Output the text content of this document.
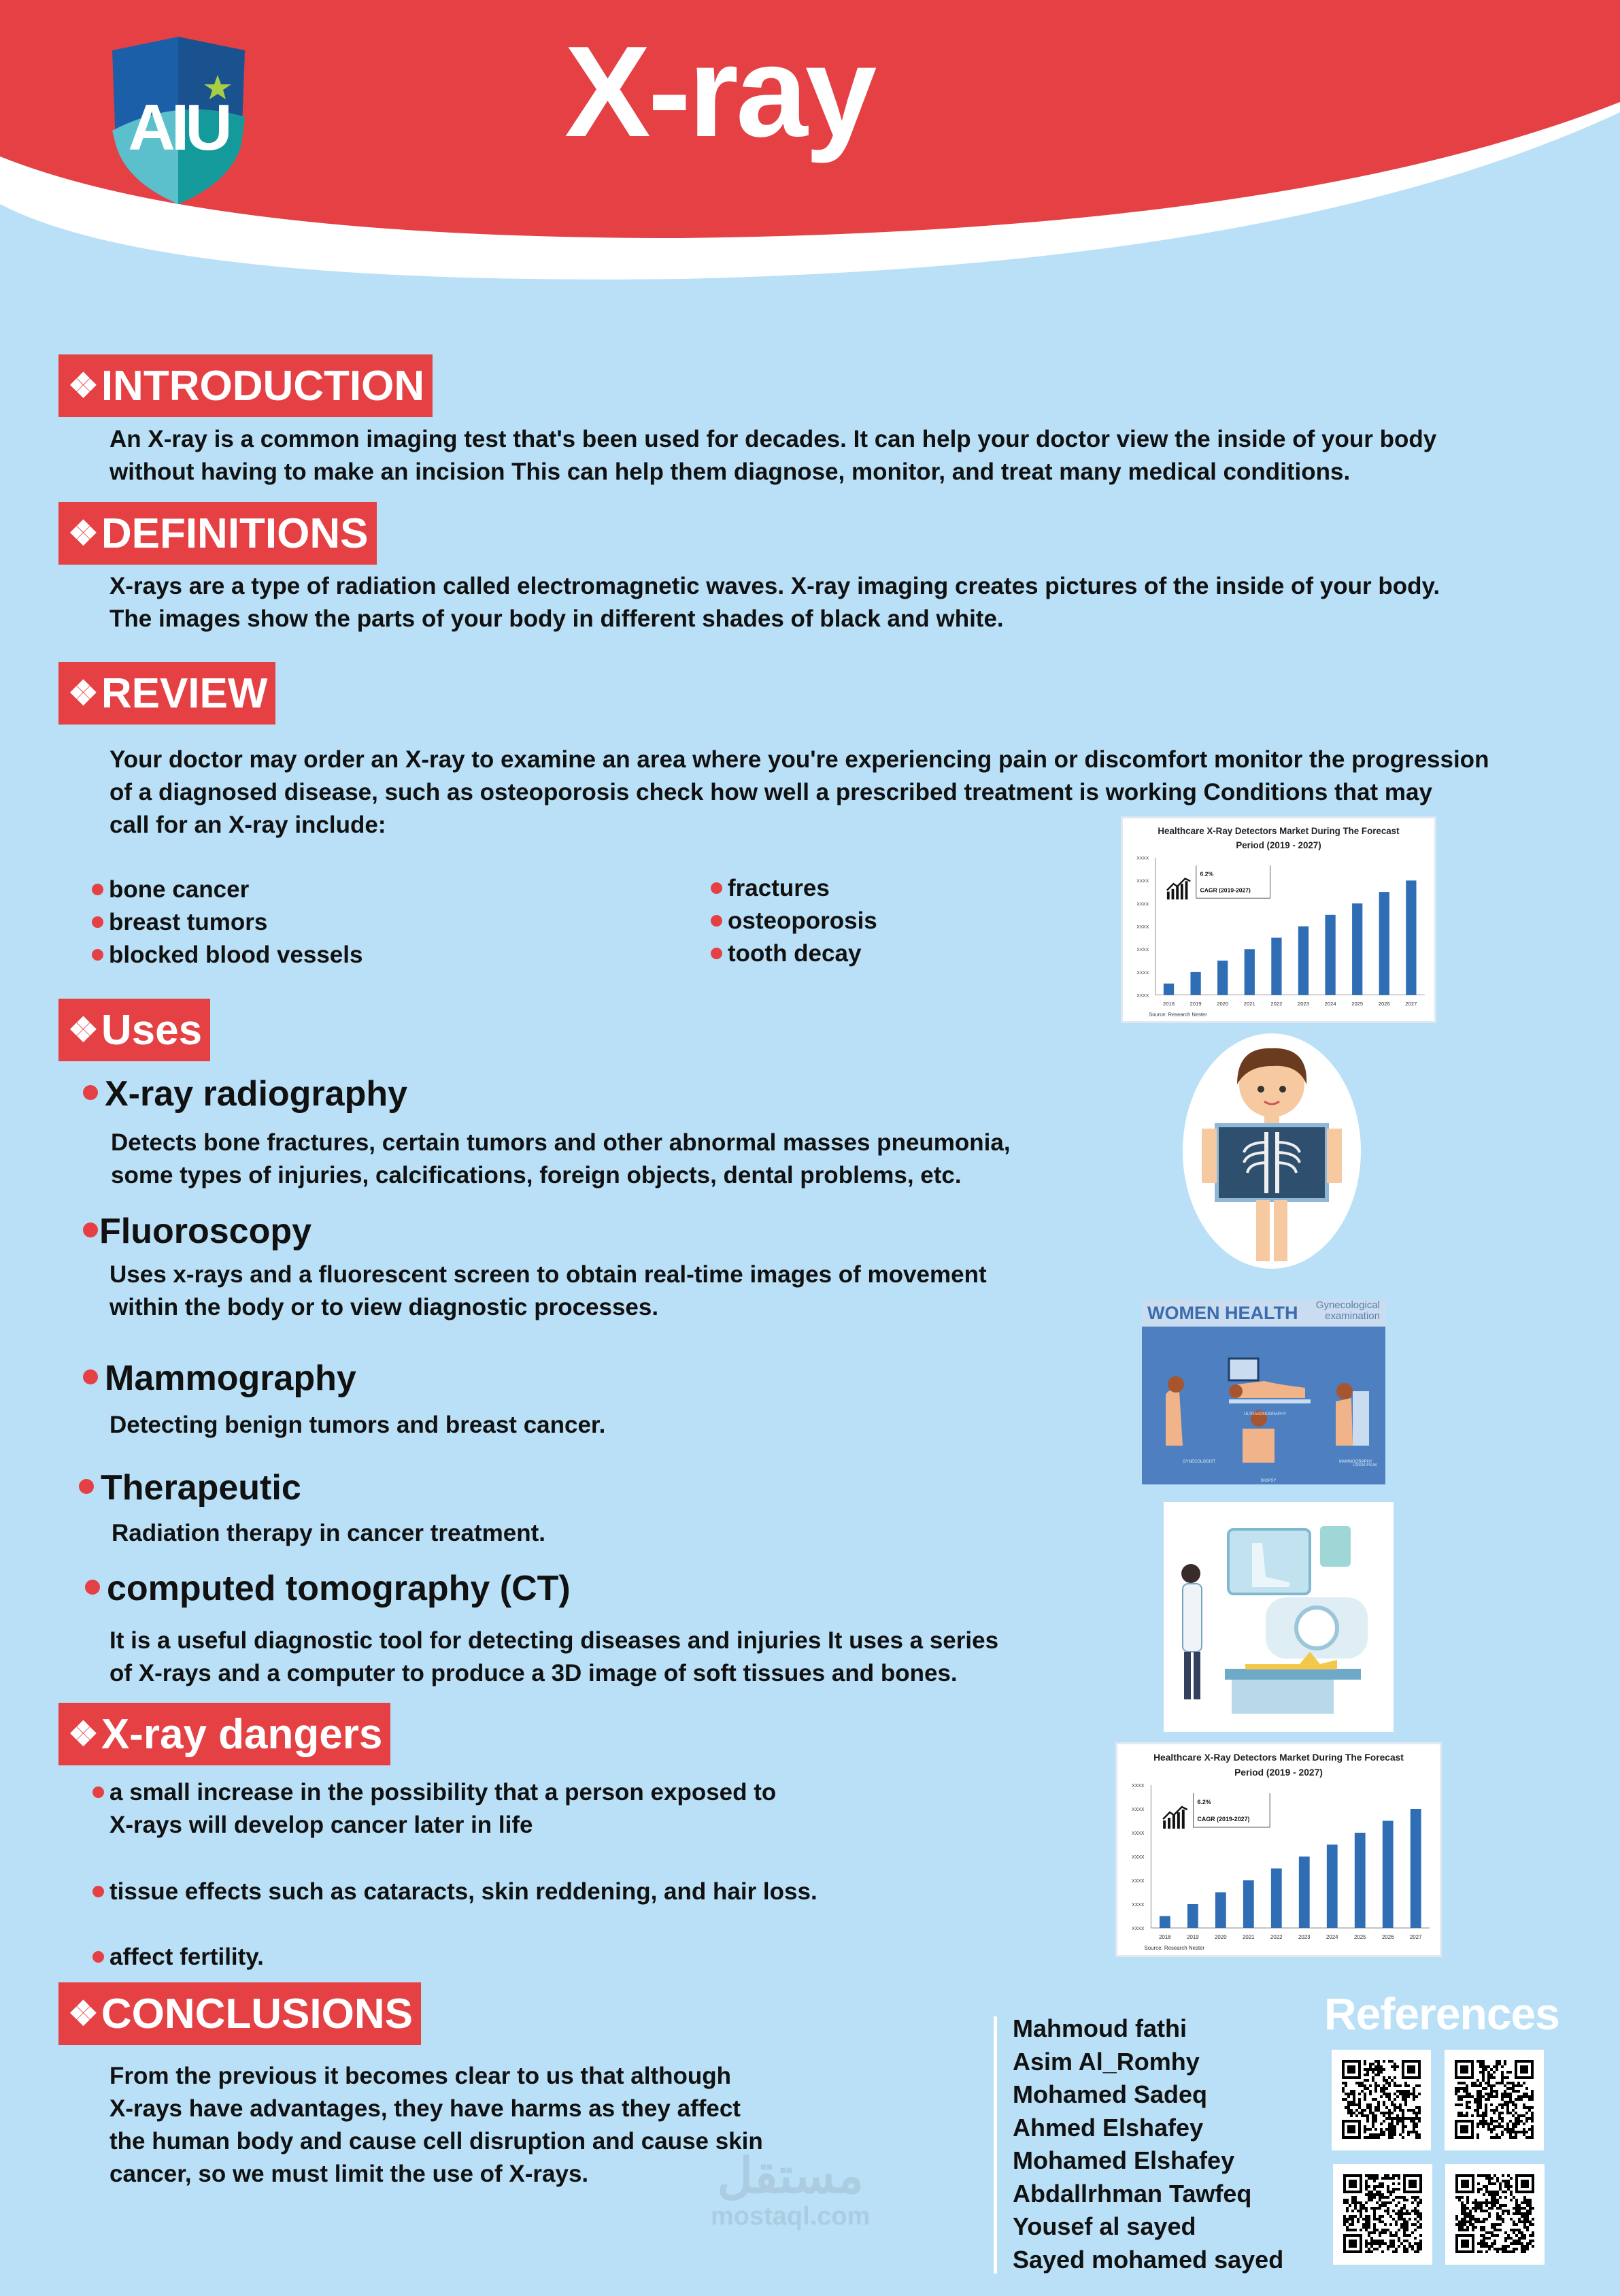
AIU	X-ray
❖INTRODUCTION
An X-ray is a common imaging test that's been used for decades. It can help your doctor view the inside of your body
without having to make an incision This can help them diagnose, monitor, and treat many medical conditions.
❖DEFINITIONS
X-rays are a type of radiation called electromagnetic waves. X-ray imaging creates pictures of the inside of your body.
The images show the parts of your body in different shades of black and white.
❖REVIEW
Your doctor may order an X-ray to examine an area where you're experiencing pain or discomfort monitor the progression
of a diagnosed disease, such as osteoporosis check how well a prescribed treatment is working Conditions that may
call for an X-ray include:
bone cancer
breast tumors
blocked blood vessels
fractures
osteoporosis
tooth decay
Healthcare X-Ray Detectors Market During The Forecast
Period (2019 - 2027)
XXXX
XXXX
XXXX
XXXX
XXXX
XXXX
XXXX
2018	2019	2020	2021	2022	2023	2024	2025	2026	2027
6.2%
CAGR (2019-2027)
Source: Research Nester
❖Uses
X-ray radiography
Detects bone fractures, certain tumors and other abnormal masses pneumonia,
some types of injuries, calcifications, foreign objects, dental problems, etc.
Fluoroscopy
Uses x-rays and a fluorescent screen to obtain real-time images of movement
within the body or to view diagnostic processes.
Mammography
Detecting benign tumors and breast cancer.
Therapeutic
Radiation therapy in cancer treatment.
computed tomography (CT)
It is a useful diagnostic tool for detecting diseases and injuries It uses a series
of X-rays and a computer to produce a 3D image of soft tissues and bones.
WOMEN HEALTH Gynecological
examination
GYNECOLOGIST
ULTRASONOGRAPHY
MAMMOGRAPHY
BIOPSY
LOREM IPSUM
❖X-ray dangers
a small increase in the possibility that a person exposed to
X-rays will develop cancer later in life
tissue effects such as cataracts, skin reddening, and hair loss.
affect fertility.
Healthcare X-Ray Detectors Market During The Forecast
Period (2019 - 2027)
XXXX
XXXX
XXXX
XXXX
XXXX
XXXX
XXXX
2018	2019	2020	2021	2022	2023	2024	2025	2026	2027
6.2%
CAGR (2019-2027)
Source: Research Nester
❖CONCLUSIONS
From the previous it becomes clear to us that although
X-rays have advantages, they have harms as they affect
the human body and cause cell disruption and cause skin
cancer, so we must limit the use of X-rays.	مستقل
mostaql.com
Mahmoud fathi
Asim Al_Romhy
Mohamed Sadeq
Ahmed Elshafey
Mohamed Elshafey
Abdallrhman Tawfeq
Yousef al sayed
Sayed mohamed sayed
References
